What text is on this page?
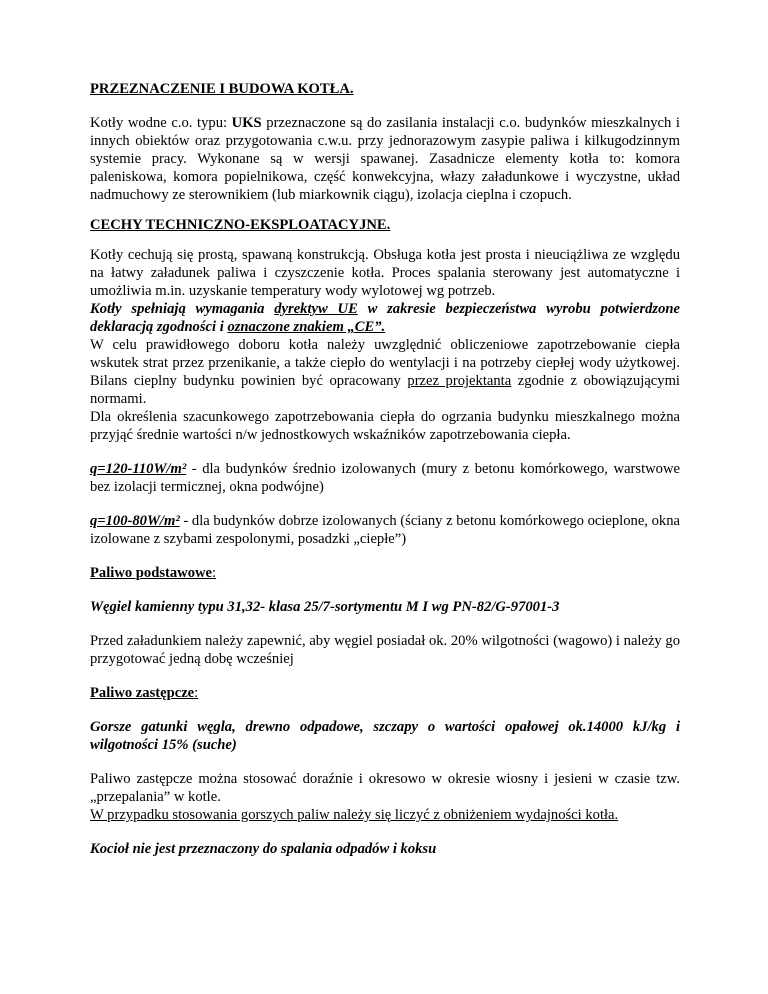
PRZEZNACZENIE I BUDOWA KOTŁA.

Kotły wodne c.o. typu: UKS przeznaczone są do zasilania instalacji c.o. budynków mieszkalnych i innych obiektów oraz przygotowania c.w.u. przy jednorazowym zasypie paliwa i kilkugodzinnym systemie pracy. Wykonane są w wersji spawanej. Zasadnicze elementy kotła to: komora paleniskowa, komora popielnikowa, część konwekcyjna, włazy załadunkowe i wyczystne, układ nadmuchowy ze sterownikiem (lub miarkownik ciągu), izolacja cieplna i czopuch.

CECHY TECHNICZNO-EKSPLOATACYJNE.

Kotły cechują się prostą, spawaną konstrukcją. Obsługa kotła jest prosta i nieuciążliwa ze względu na łatwy załadunek paliwa i czyszczenie kotła. Proces spalania sterowany jest automatyczne i umożliwia m.in. uzyskanie temperatury wody wylotowej wg potrzeb.

Kotły spełniają wymagania dyrektyw UE w zakresie bezpieczeństwa wyrobu potwierdzone deklaracją zgodności i oznaczone znakiem „CE”.

W celu prawidłowego doboru kotła należy uwzględnić obliczeniowe zapotrzebowanie ciepła wskutek strat przez przenikanie, a także ciepło do wentylacji i na potrzeby ciepłej wody użytkowej. Bilans cieplny budynku powinien być opracowany przez projektanta zgodnie z obowiązującymi normami.

Dla określenia szacunkowego zapotrzebowania ciepła do ogrzania budynku mieszkalnego można przyjąć średnie wartości n/w jednostkowych wskaźników zapotrzebowania ciepła.

q=120-110W/m² - dla budynków średnio izolowanych (mury z betonu komórkowego, warstwowe bez izolacji termicznej, okna podwójne)

q=100-80W/m² - dla budynków dobrze izolowanych (ściany z betonu komórkowego ocieplone, okna izolowane z szybami zespolonymi, posadzki „ciepłe”)

Paliwo podstawowe:

Węgiel kamienny typu 31,32- klasa 25/7-sortymentu M I wg PN-82/G-97001-3

Przed załadunkiem należy zapewnić, aby węgiel posiadał ok. 20% wilgotności (wagowo) i należy go przygotować jedną dobę wcześniej

Paliwo zastępcze:

Gorsze gatunki węgla, drewno odpadowe, szczapy o wartości opałowej ok.14000 kJ/kg i wilgotności 15% (suche)

Paliwo zastępcze można stosować doraźnie i okresowo w okresie wiosny i jesieni w czasie tzw. „przepalania” w kotle.

W przypadku stosowania gorszych paliw należy się liczyć z obniżeniem wydajności kotła.

Kocioł nie jest przeznaczony do spalania odpadów i koksu
